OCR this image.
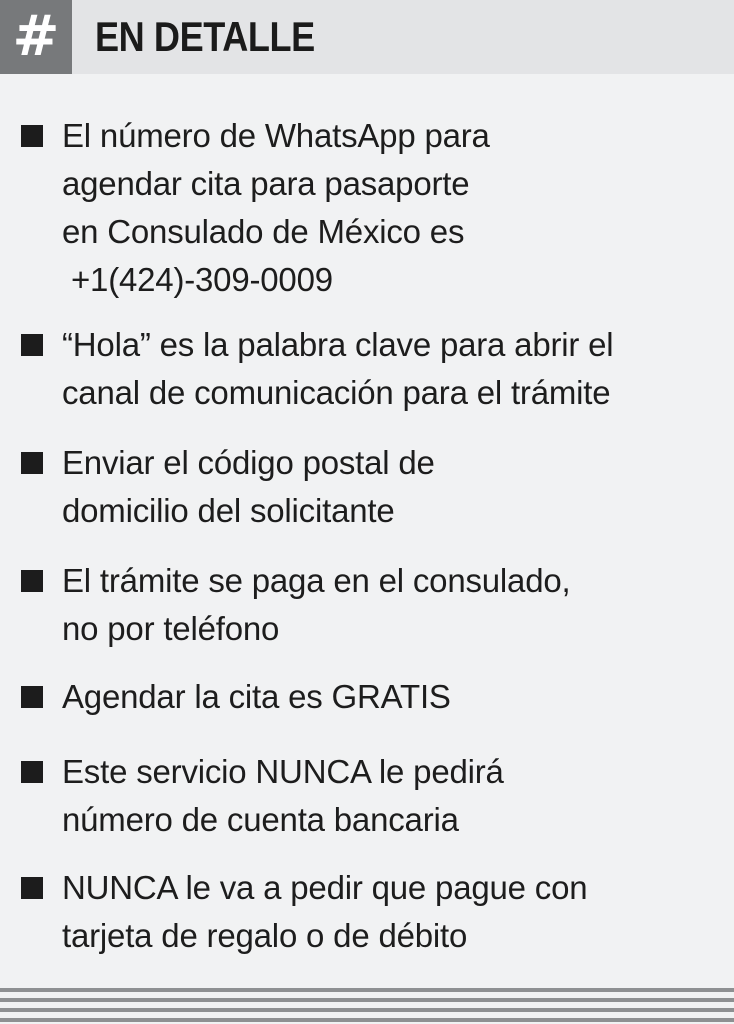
# EN DETALLE
El número de WhatsApp para
agendar cita para pasaporte
en Consulado de México es
+1(424)-309-0009
“Hola” es la palabra clave para abrir el
canal de comunicación para el trámite
Enviar el código postal de
domicilio del solicitante
El trámite se paga en el consulado,
no por teléfono
Agendar la cita es GRATIS
Este servicio NUNCA le pedirá
número de cuenta bancaria
NUNCA le va a pedir que pague con
tarjeta de regalo o de débito
